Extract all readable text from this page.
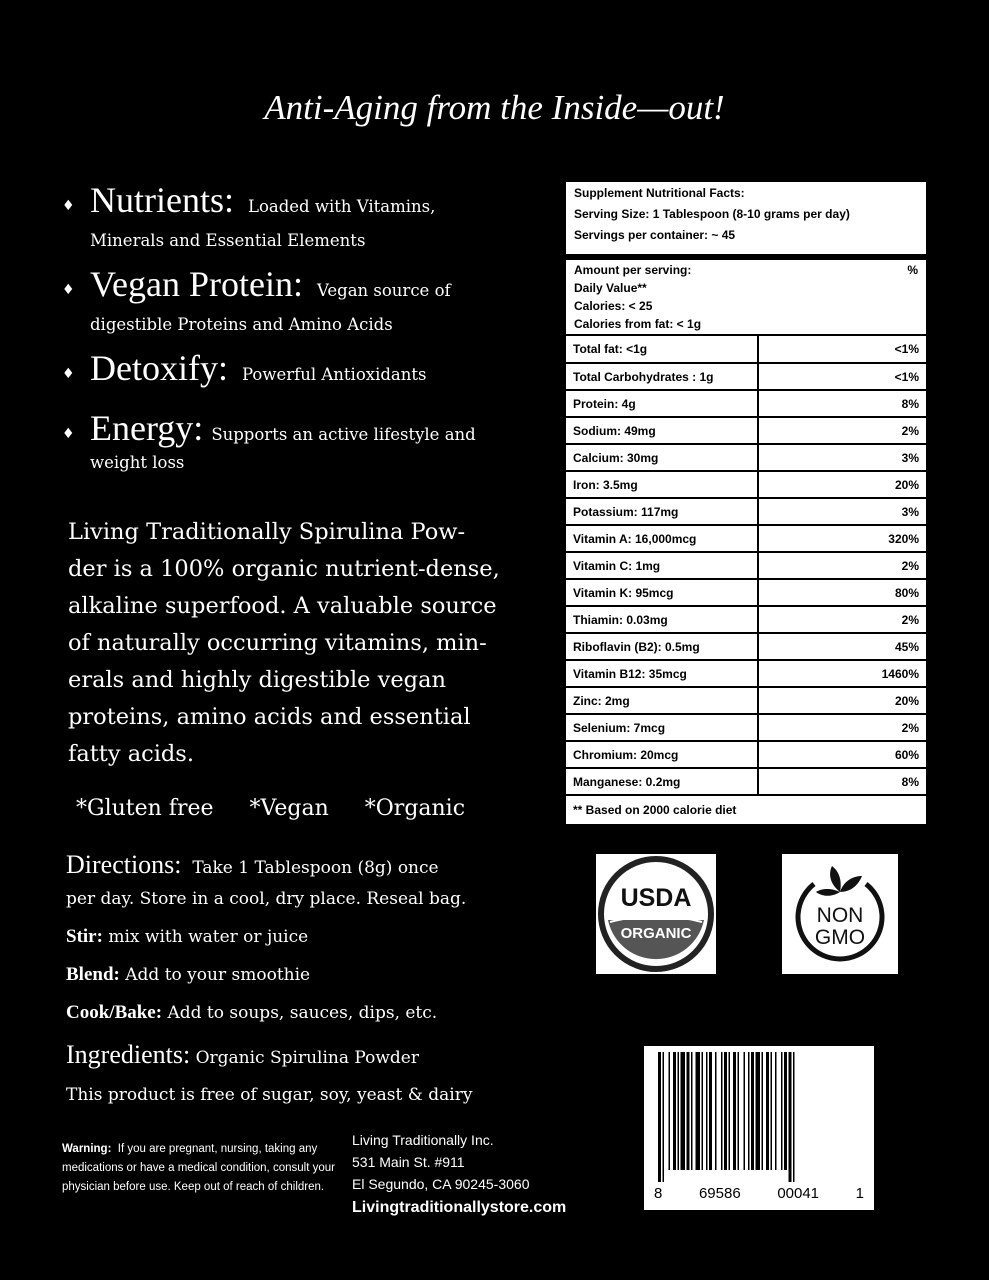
Anti-Aging from the Inside—out!
♦ Nutrients: Loaded with Vitamins,
Minerals and Essential Elements
♦ Vegan Protein: Vegan source of
digestible Proteins and Amino Acids
♦ Detoxify: Powerful Antioxidants
♦ Energy: Supports an active lifestyle and
weight loss
Living Traditionally Spirulina Pow-
der is a 100% organic nutrient-dense,
alkaline superfood. A valuable source
of naturally occurring vitamins, min-
erals and highly digestible vegan
proteins, amino acids and essential
fatty acids.
*Gluten free *Vegan *Organic
Directions: Take 1 Tablespoon (8g) once
per day. Store in a cool, dry place. Reseal bag.
Stir: mix with water or juice
Blend: Add to your smoothie
Cook/Bake: Add to soups, sauces, dips, etc.
Ingredients: Organic Spirulina Powder
This product is free of sugar, soy, yeast & dairy
Warning: If you are pregnant, nursing, taking any medications or have a medical condition, consult your physician before use. Keep out of reach of children.
Living Traditionally Inc.
531 Main St. #911
El Segundo, CA 90245-3060
Livingtraditionallystore.com
Supplement Nutritional Facts:
Serving Size: 1 Tablespoon (8-10 grams per day)
Servings per container: ~ 45
Amount per serving:	%
Daily Value**
Calories: < 25
Calories from fat: < 1g
Total fat: <1g	<1%
Total Carbohydrates : 1g	<1%
Protein: 4g	8%
Sodium: 49mg	2%
Calcium: 30mg	3%
Iron: 3.5mg	20%
Potassium: 117mg	3%
Vitamin A: 16,000mcg	320%
Vitamin C: 1mg	2%
Vitamin K: 95mcg	80%
Thiamin: 0.03mg	2%
Riboflavin (B2): 0.5mg	45%
Vitamin B12: 35mcg	1460%
Zinc: 2mg	20%
Selenium: 7mcg	2%
Chromium: 20mcg	60%
Manganese: 0.2mg	8%
** Based on 2000 calorie diet
USDA
ORGANIC
NON
GMO
8 69586 00041 1
